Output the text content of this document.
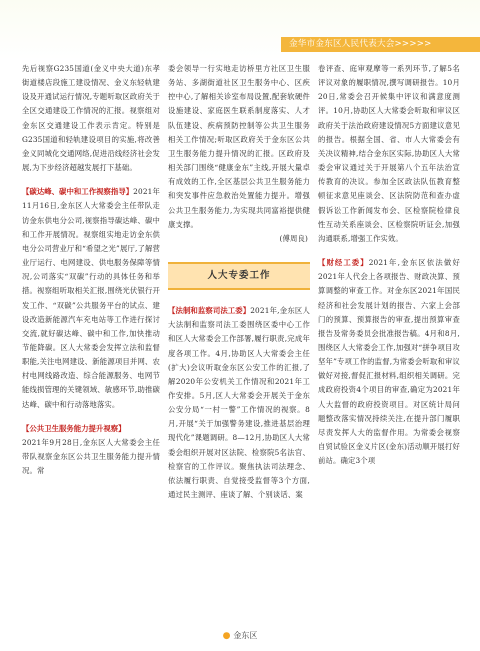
金华市金东区人民代表大会>>>>>

先后视察G235国道(金义中央大道)东孝街道楼店段施工建设情况、金义东轻轨建设及开通试运行情况,专题听取区政府关于全区交通建设工作情况的汇报。视察组对金东区交通建设工作表示肯定。特别是G235国道和轻轨建设项目的实施,将改善金义同城化交通网络,促进沿线经济社会发展,为下步经济超越发展打下基础。

【 碳达峰、碳中和工作视察指导 】 2021年11月16日,金东区人大常委会主任带队走访金东供电分公司,视察指导碳达峰、碳中和工作开展情况。视察组实地走访金东供电分公司营业厅和“希望之光”展厅,了解营业厅运行、电网建设、供电服务保障等情况,公司落实“双碳”行动的具体任务和举措。视察组听取相关汇报,围绕光伏银行开发工作、“双碳”公共服务平台的试点、建设改造新能源汽车充电站等工作进行探讨交流,就好碳达峰、碳中和工作,加快推动节能降碳。区人大常委会发挥立法和监督职能,关注电网建设、新能源项目并网、农村电网线路改造、综合能源服务、电网节能线损管理的关键领域、敏感环节,助推碳达峰、碳中和行动落地落实。

【 公共卫生服务能力提升视察 】

2021年9月28日,金东区人大常委会主任带队视察金东区公共卫生服务能力提升情况。常

委会领导一行实地走访桥里方社区卫生服务站、多湖街道社区卫生服务中心、区疾控中心,了解相关诊室布局设置,配套软硬件设施建设、家庭医生联系制度落实、人才队伍建设、疾病预防控制等公共卫生服务相关工作情况;听取区政府关于金东区公共卫生服务能力提升情况的汇报。区政府及相关部门围绕“健康金东”主线,开展大量卓有成效的工作,全区基层公共卫生服务能力和突发事件应急救治处置能力提升。增强公共卫生服务能力,为实现共同富裕提供健康支撑。

(傅周良)

人大专委工作

【 法制和监察司法工委 】 2021年,金东区人大法制和监察司法工委围绕区委中心工作和区人大常委会工作部署,履行职责,完成年度各项工作。4月,协助区人大常委会主任(扩大)会议听取金东区公安工作的汇报,了解2020年公安机关工作情况和2021年工作安排。5月,区人大常委会开展关于金东公安分局“一村一警”工作情况的视察。8月,开展“关于加强警务建设,推进基层治理现代化”课题调研。8—12月,协助区人大常委会组织开展对区法院、检察院5名法官、检察官的工作评议。聚焦执法司法理念、依法履行职责、自觉接受监督等3个方面,通过民主测评、座谈了解、个别谈话、案

卷评查、庭审观摩等一系列环节,了解5名评议对象的履职情况,撰写调研报告。10月20日,常委会召开候集中评议和满意度测评。10月,协助区人大常委会听取和审议区政府关于法治政府建设情况5方面建议意见的报告。根据全国、省、市人大常委会有关决议精神,结合金东区实际,协助区人大常委会审议通过关于开展第八个五年法治宣传教育的决议。参加全区政法队伍教育整顿征求意见座谈会、区法院防范和查办虚假诉讼工作新闻发布会、区检察院检律良性互动关系座谈会、区检察院听证会,加强沟通联系,增强工作实效。

【 财经工委 】 2021年,金东区依法做好2021年人代会上各项报告、财政决算、预算调整的审查工作。对金东区2021年国民经济和社会发展计划的报告、六家上会部门的预算、预算报告的审查,提出预算审查报告及常务委员会批准报告稿。4月和8月,围绕区人大常委会工作,加强对“拼争项目攻坚年”专项工作的监督,为常委会听取和审议做好对接,督促汇报材料,组织相关调研。完成政府投资4个项目的审查,确定为2021年人大监督的政府投资项目。对区统计局问题整改落实情况持续关注,在提升部门履职尽责发挥人大的监督作用。为常委会视察自贸试验区金义片区(金东)活动顺开展打好前站。确定3个项

● 金东区
